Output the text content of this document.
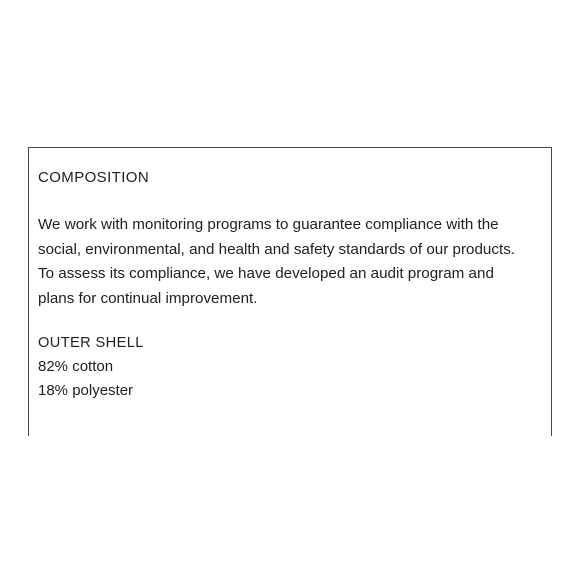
COMPOSITION

We work with monitoring programs to guarantee compliance with the
social, environmental, and health and safety standards of our products.
To assess its compliance, we have developed an audit program and
plans for continual improvement.

OUTER SHELL
82% cotton
18% polyester
